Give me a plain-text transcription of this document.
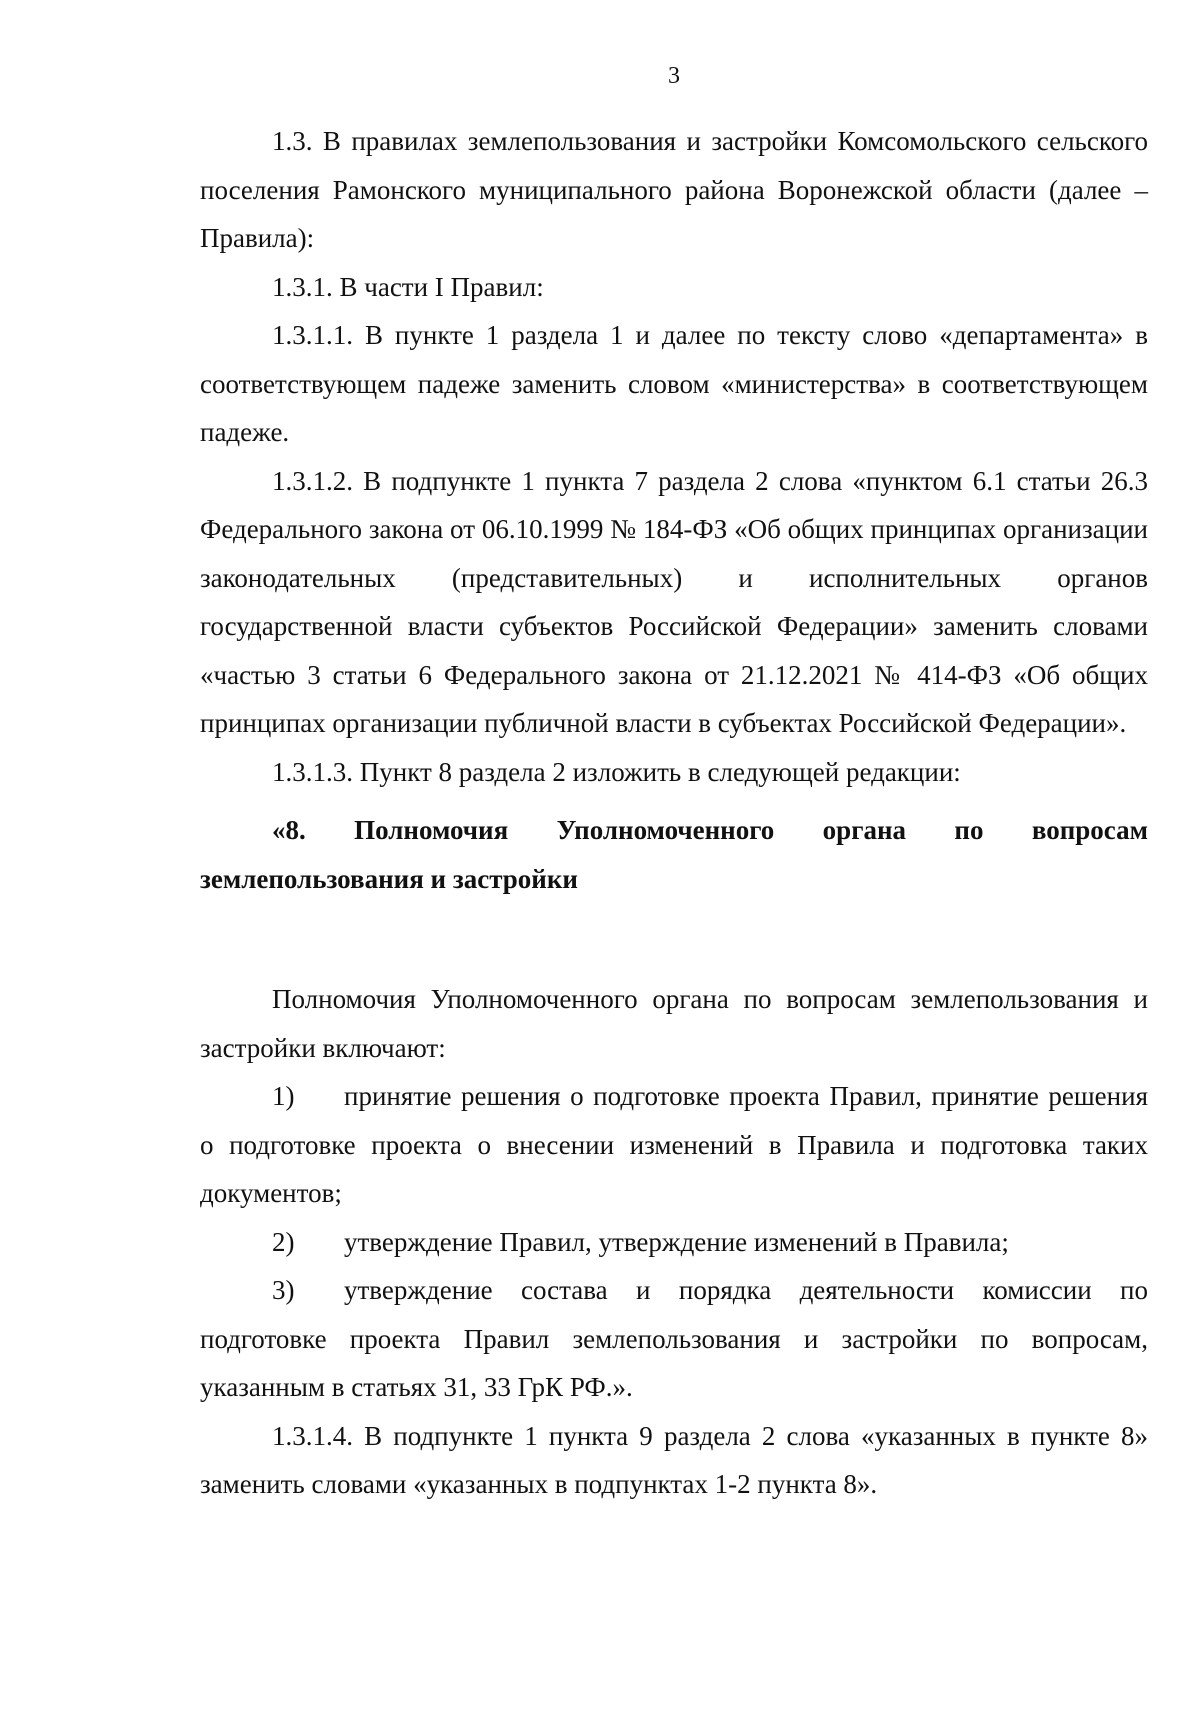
3

1.3. В правилах землепользования и застройки Комсомольского сельского поселения Рамонского муниципального района Воронежской области (далее – Правила):

1.3.1. В части I Правил:

1.3.1.1. В пункте 1 раздела 1 и далее по тексту слово «департамента» в соответствующем падеже заменить словом «министерства» в соответствующем падеже.

1.3.1.2. В подпункте 1 пункта 7 раздела 2 слова «пунктом 6.1 статьи 26.3 Федерального закона от 06.10.1999 № 184-ФЗ «Об общих принципах организации законодательных (представительных) и исполнительных органов государственной власти субъектов Российской Федерации» заменить словами «частью 3 статьи 6 Федерального закона от 21.12.2021 № 414-ФЗ «Об общих принципах организации публичной власти в субъектах Российской Федерации».

1.3.1.3. Пункт 8 раздела 2 изложить в следующей редакции:

«8. Полномочия Уполномоченного органа по вопросам землепользования и застройки

Полномочия Уполномоченного органа по вопросам землепользования и застройки включают:

1) принятие решения о подготовке проекта Правил, принятие решения о подготовке проекта о внесении изменений в Правила и подготовка таких документов;

2) утверждение Правил, утверждение изменений в Правила;

3) утверждение состава и порядка деятельности комиссии по подготовке проекта Правил землепользования и застройки по вопросам, указанным в статьях 31, 33 ГрК РФ.».

1.3.1.4. В подпункте 1 пункта 9 раздела 2 слова «указанных в пункте 8» заменить словами «указанных в подпунктах 1-2 пункта 8».
